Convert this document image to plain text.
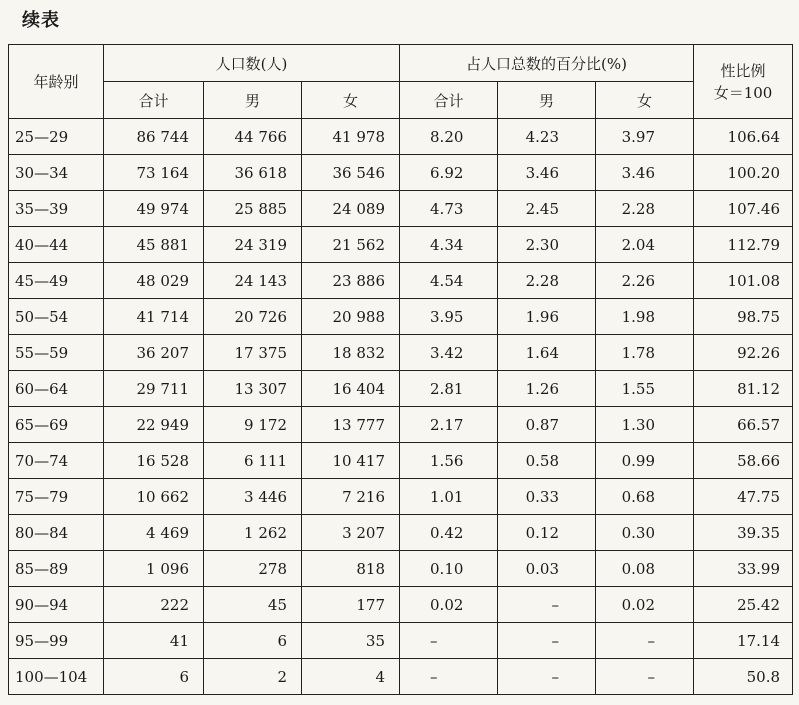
续表
年龄别	人口数(人)			占人口总数的百分比(%)			性比例
女＝100

	合计	男	女	合计	男	女	
25—29	86 744	44 766	41 978	8.20	4.23	3.97	106.64
30—34	73 164	36 618	36 546	6.92	3.46	3.46	100.20
35—39	49 974	25 885	24 089	4.73	2.45	2.28	107.46
40—44	45 881	24 319	21 562	4.34	2.30	2.04	112.79
45—49	48 029	24 143	23 886	4.54	2.28	2.26	101.08
50—54	41 714	20 726	20 988	3.95	1.96	1.98	98.75
55—59	36 207	17 375	18 832	3.42	1.64	1.78	92.26
60—64	29 711	13 307	16 404	2.81	1.26	1.55	81.12
65—69	22 949	9 172	13 777	2.17	0.87	1.30	66.57
70—74	16 528	6 111	10 417	1.56	0.58	0.99	58.66
75—79	10 662	3 446	7 216	1.01	0.33	0.68	47.75
80—84	4 469	1 262	3 207	0.42	0.12	0.30	39.35
85—89	1 096	278	818	0.10	0.03	0.08	33.99
90—94	222	45	177	0.02	–	0.02	25.42
95—99	41	6	35	–	–	–	17.14
100—104	6	2	4	–	–	–	50.8
